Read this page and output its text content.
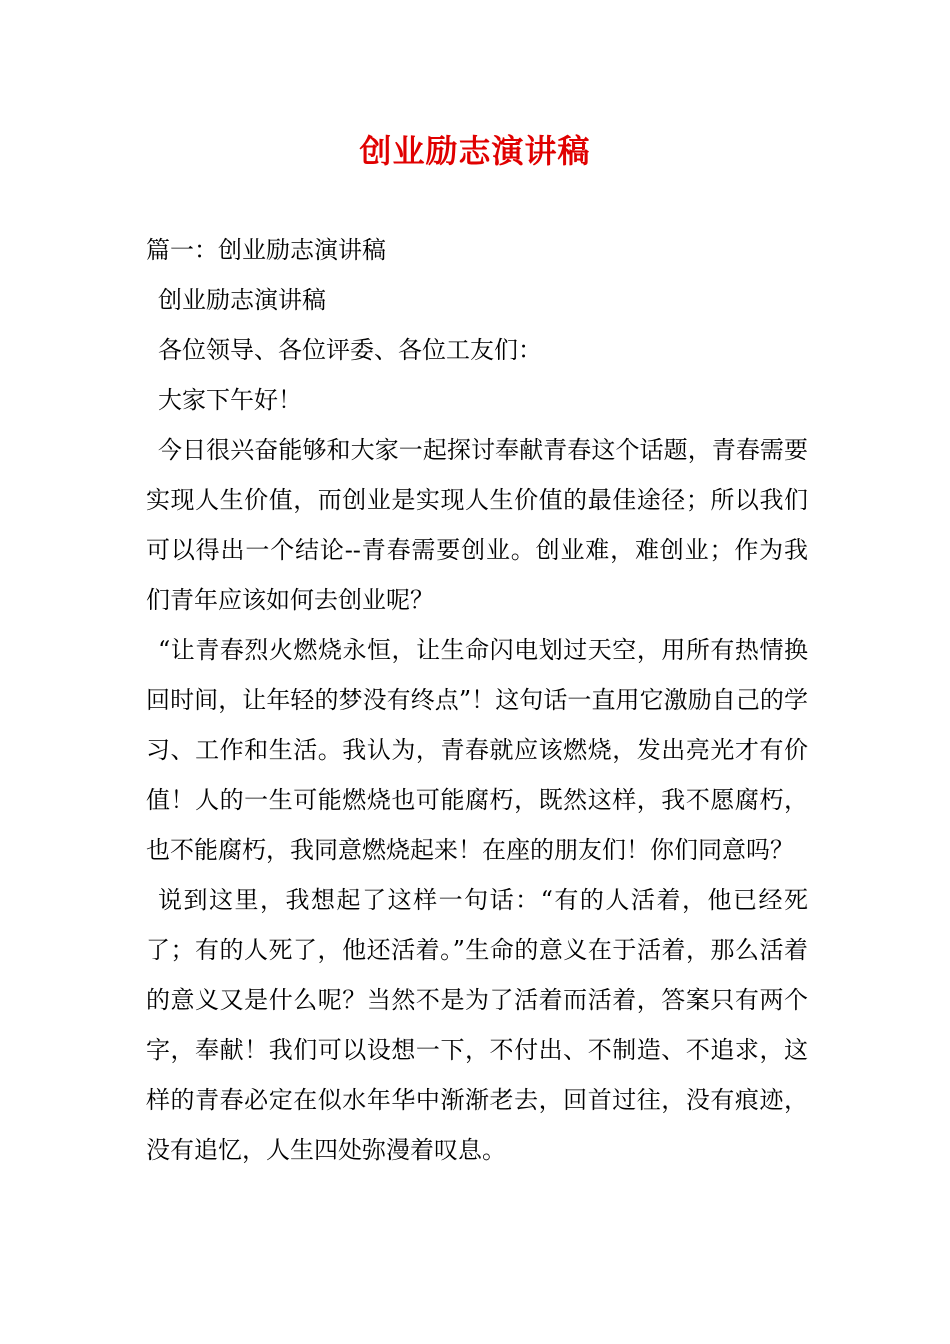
创业励志演讲稿

篇一：创业励志演讲稿

创业励志演讲稿

各位领导、各位评委、各位工友们：

大家下午好！

今日很兴奋能够和大家一起探讨奉献青春这个话题，青春需要实现人生价值，而创业是实现人生价值的最佳途径；所以我们可以得出一个结论--青春需要创业。创业难，难创业；作为我们青年应该如何去创业呢？

“让青春烈火燃烧永恒，让生命闪电划过天空，用所有热情换回时间，让年轻的梦没有终点”！这句话一直用它激励自己的学习、工作和生活。我认为，青春就应该燃烧，发出亮光才有价值！人的一生可能燃烧也可能腐朽，既然这样，我不愿腐朽，也不能腐朽，我同意燃烧起来！在座的朋友们！你们同意吗？

说到这里，我想起了这样一句话：“有的人活着，他已经死了；有的人死了，他还活着。”生命的意义在于活着，那么活着的意义又是什么呢？当然不是为了活着而活着，答案只有两个字，奉献！我们可以设想一下，不付出、不制造、不追求，这样的青春必定在似水年华中渐渐老去，回首过往，没有痕迹，没有追忆，人生四处弥漫着叹息。
